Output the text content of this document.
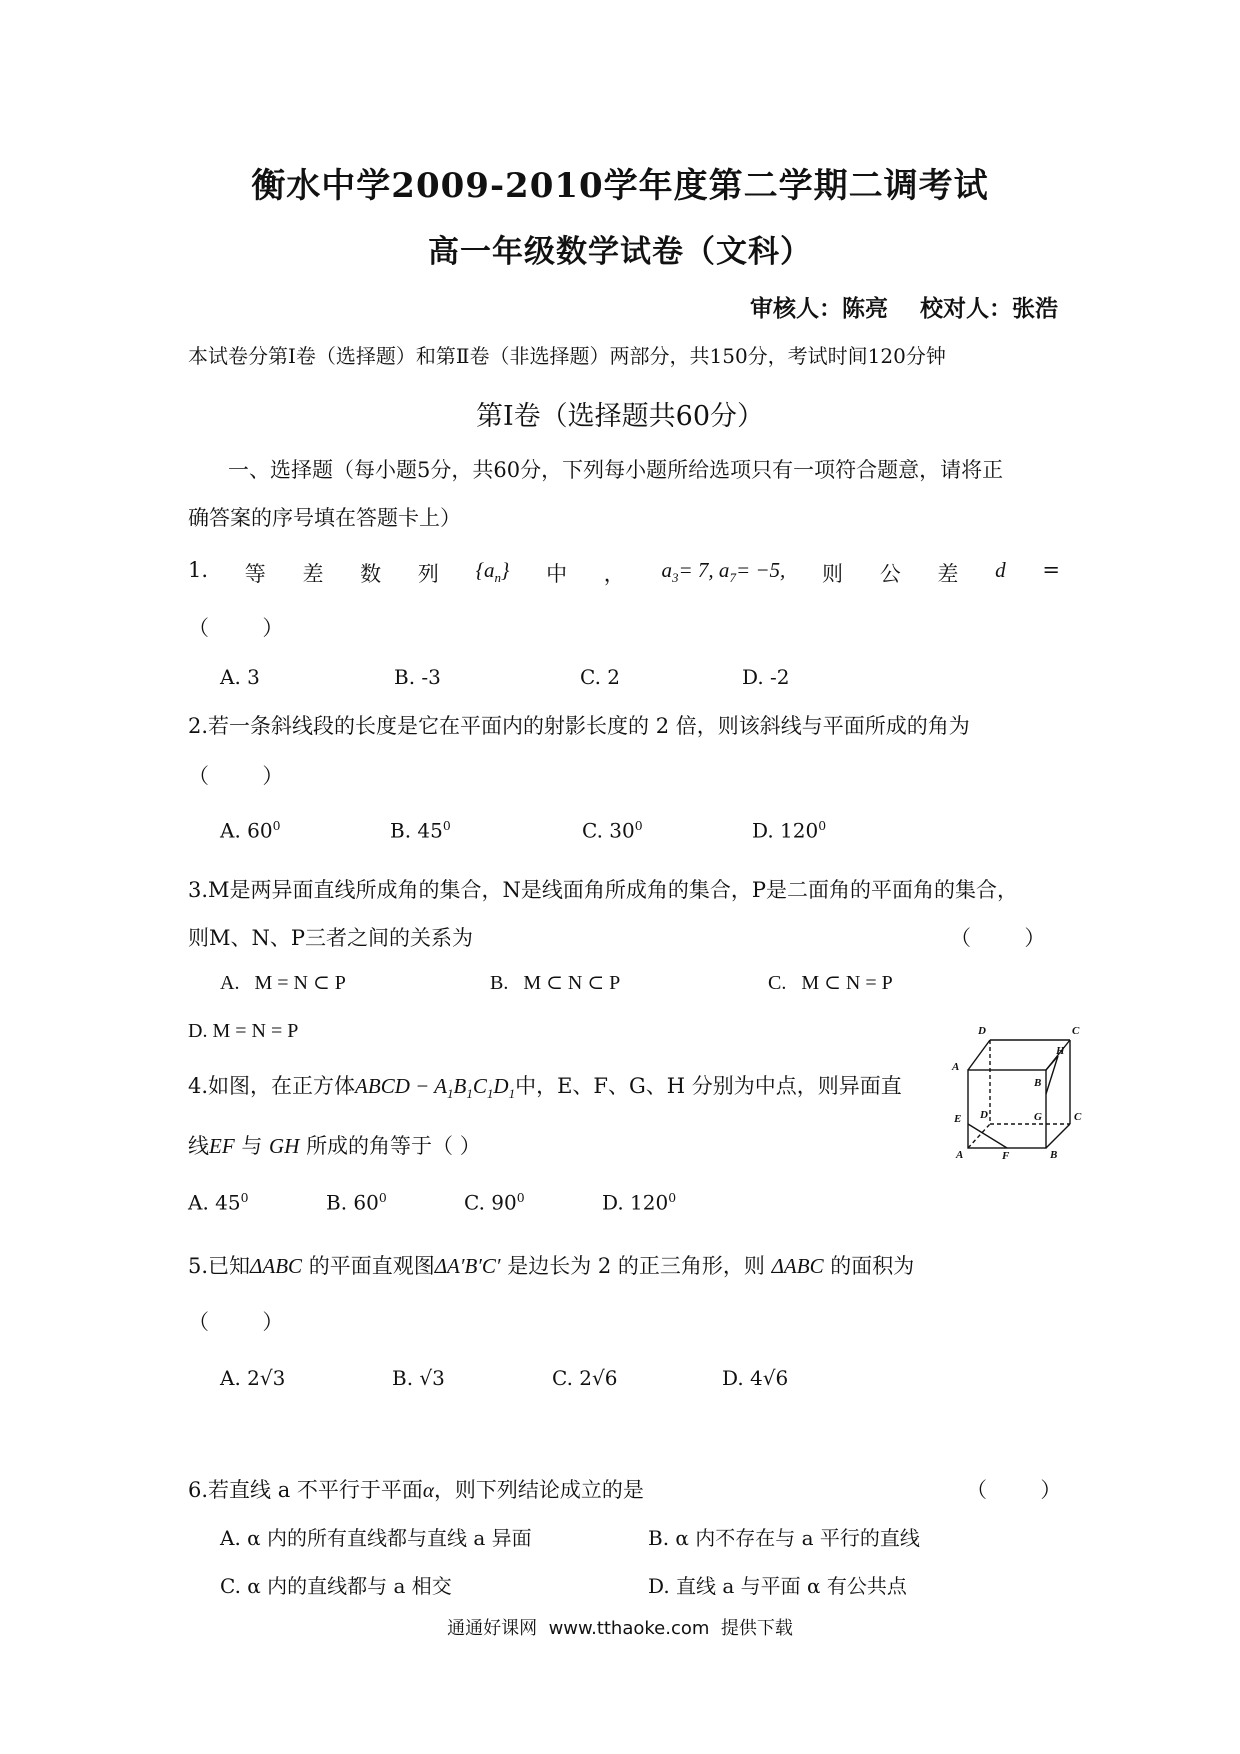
衡水中学2009-2010学年度第二学期二调考试
高一年级数学试卷（文科）
审核人：陈亮    校对人：张浩
本试卷分第Ⅰ卷（选择题）和第Ⅱ卷（非选择题）两部分，共150分，考试时间120分钟
第Ⅰ卷（选择题共60分）
一、选择题（每小题5分，共60分，下列每小题所给选项只有一项符合题意，请将正
确答案的序号填在答题卡上）
1. 等 差 数 列 $\{a_n\}$ 中 ， $a_3= 7$, $a_7= -5$, 则 公 差 d =
（        ）
A. 3	B. -3	C. 2	D. -2
2.若一条斜线段的长度是它在平面内的射影长度的 2 倍，则该斜线与平面所成的角为
（        ）
A. $60^0$	B. $45^0$	C. $30^0$	D. $120^0$
3.M是两异面直线所成角的集合，N是线面角所成角的集合，P是二面角的平面角的集合，
则M、N、P三者之间的关系为	（        ）
A.   M = N ⊂ P	B.   M ⊂ N ⊂ P	C.   M ⊂ N = P
D. M = N = P
4.如图，在正方体ABCD − $A_1B_1C_1D_1$中，E、F、G、H 分别为中点，则异面直
线EF 与 GH 所成的角等于（ ）
A. $45^0$	B. $60^0$	C. $90^0$	D. $120^0$
D	C
H
A
B
E D	G	C
A	F	B
5.已知ΔABC 的平面直观图ΔA′B′C′ 是边长为 2 的正三角形，则 ΔABC 的面积为
（        ）
A. 2√3	B. √3	C. 2√6	D. 4√6
6.若直线 a 不平行于平面α，则下列结论成立的是	（        ）
A. α 内的所有直线都与直线 a 异面	B. α 内不存在与 a 平行的直线
C. α 内的直线都与 a 相交	D. 直线 a 与平面 α 有公共点
通通好课网  www.tthaoke.com  提供下载
